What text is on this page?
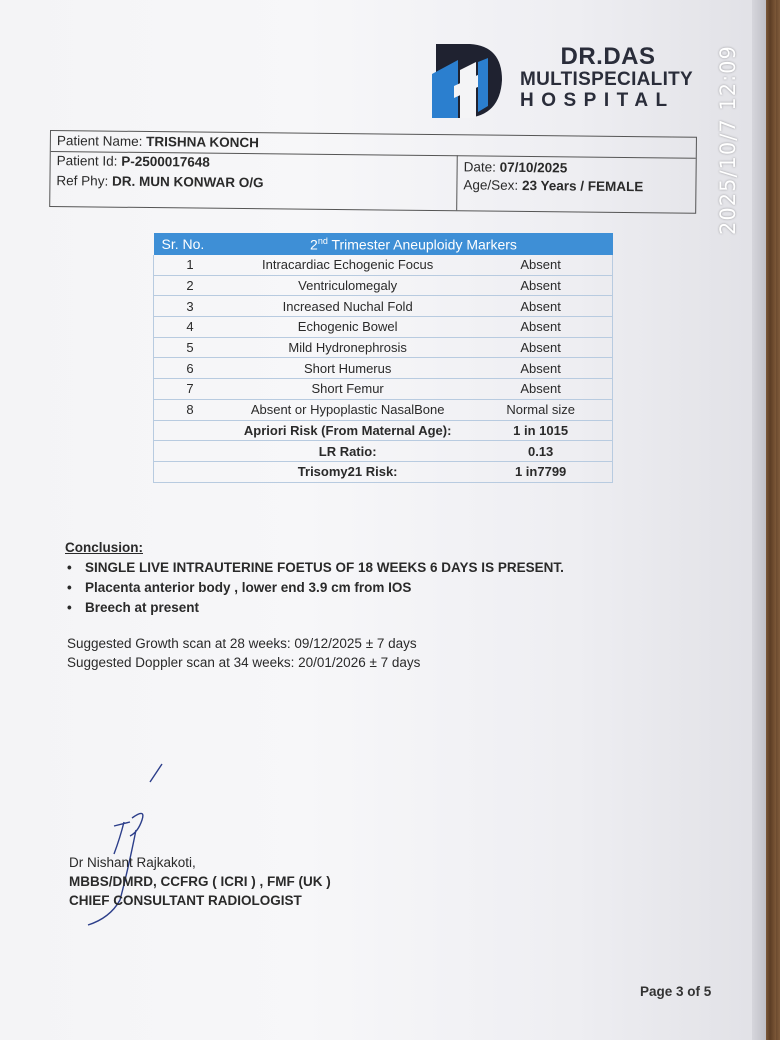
2025/10/7 12:09
DR.DAS
MULTISPECIALITY
HOSPITAL
Patient Name: TRISHNA KONCH
Patient Id: P-2500017648
Ref Phy: DR. MUN KONWAR O/G
Date: 07/10/2025
Age/Sex: 23 Years / FEMALE
Sr. No.	2nd Trimester Aneuploidy Markers	
1	Intracardiac Echogenic Focus	Absent
2	Ventriculomegaly	Absent
3	Increased Nuchal Fold	Absent
4	Echogenic Bowel	Absent
5	Mild Hydronephrosis	Absent
6	Short Humerus	Absent
7	Short Femur	Absent
8	Absent or Hypoplastic NasalBone	Normal size
	Apriori Risk (From Maternal Age):	1 in 1015
	LR Ratio:	0.13
	Trisomy21 Risk:	1 in7799
Conclusion:
• SINGLE LIVE INTRAUTERINE FOETUS OF 18 WEEKS 6 DAYS IS PRESENT.
• Placenta anterior body , lower end 3.9 cm from IOS
• Breech at present
Suggested Growth scan at 28 weeks: 09/12/2025 ± 7 days
Suggested Doppler scan at 34 weeks: 20/01/2026 ± 7 days
Dr Nishant Rajkakoti,
MBBS/DMRD, CCFRG ( ICRI ) , FMF (UK )
CHIEF CONSULTANT RADIOLOGIST
Page 3 of 5
